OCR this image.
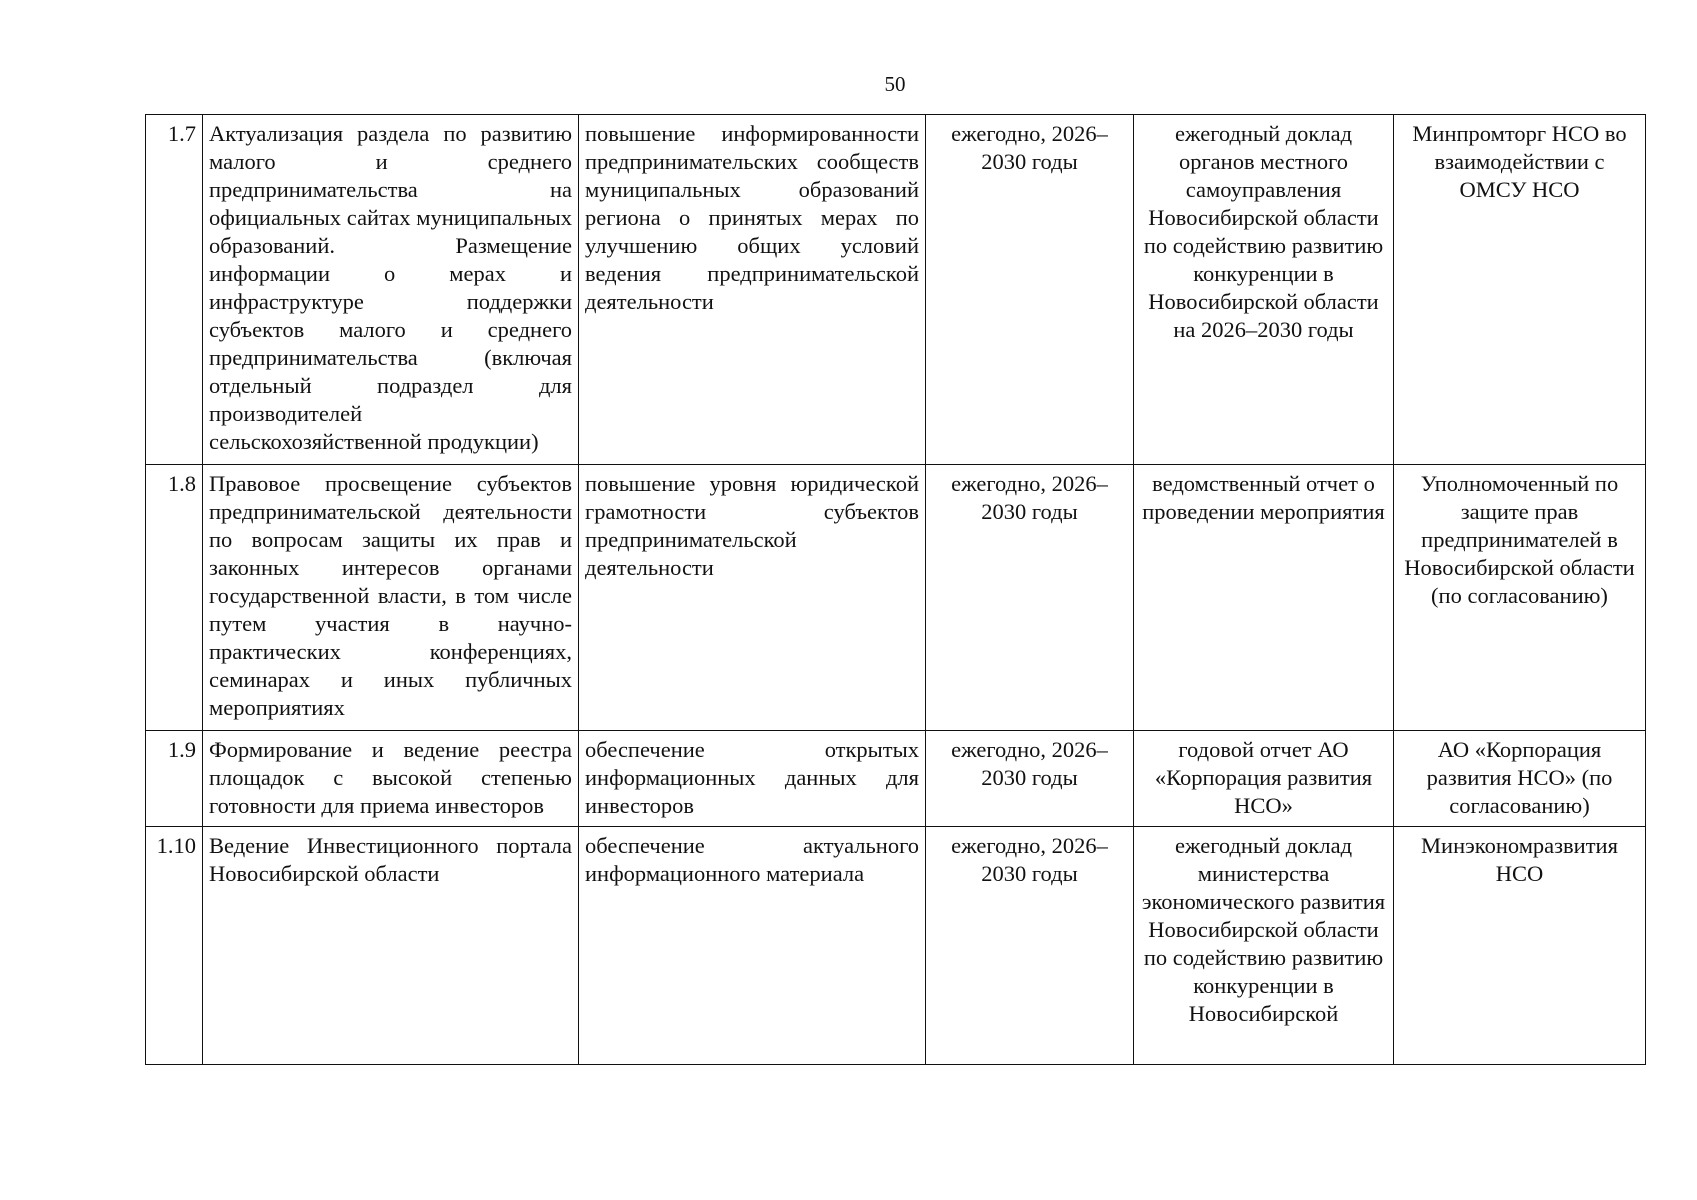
50
1.7	Актуализация раздела по развитию малого и среднего предпринимательства на официальных сайтах муниципальных образований. Размещение информации о мерах и инфраструктуре поддержки субъектов малого и среднего предпринимательства (включая отдельный подраздел для производителей сельскохозяйственной продукции)	повышение информированности предпринимательских сообществ муниципальных образований региона о принятых мерах по улучшению общих условий ведения предпринимательской деятельности	ежегодно, 2026–2030 годы	ежегодный доклад органов местного самоуправления Новосибирской области по содействию развитию конкуренции в Новосибирской области на 2026–2030 годы	Минпромторг НСО во взаимодействии с ОМСУ НСО
1.8	Правовое просвещение субъектов предпринимательской деятельности по вопросам защиты их прав и законных интересов органами государственной власти, в том числе путем участия в научно-практических конференциях, семинарах и иных публичных мероприятиях	повышение уровня юридической грамотности субъектов предпринимательской деятельности	ежегодно, 2026–2030 годы	ведомственный отчет о проведении мероприятия	Уполномоченный по защите прав предпринимателей в Новосибирской области (по согласованию)
1.9	Формирование и ведение реестра площадок с высокой степенью готовности для приема инвесторов	обеспечение открытых информационных данных для инвесторов	ежегодно, 2026–2030 годы	годовой отчет АО «Корпорация развития НСО»	АО «Корпорация развития НСО» (по согласованию)
1.10	Ведение Инвестиционного портала Новосибирской области	обеспечение актуального информационного материала	ежегодно, 2026–2030 годы	ежегодный доклад министерства экономического развития Новосибирской области по содействию развитию конкуренции в Новосибирской	Минэкономразвития НСО
